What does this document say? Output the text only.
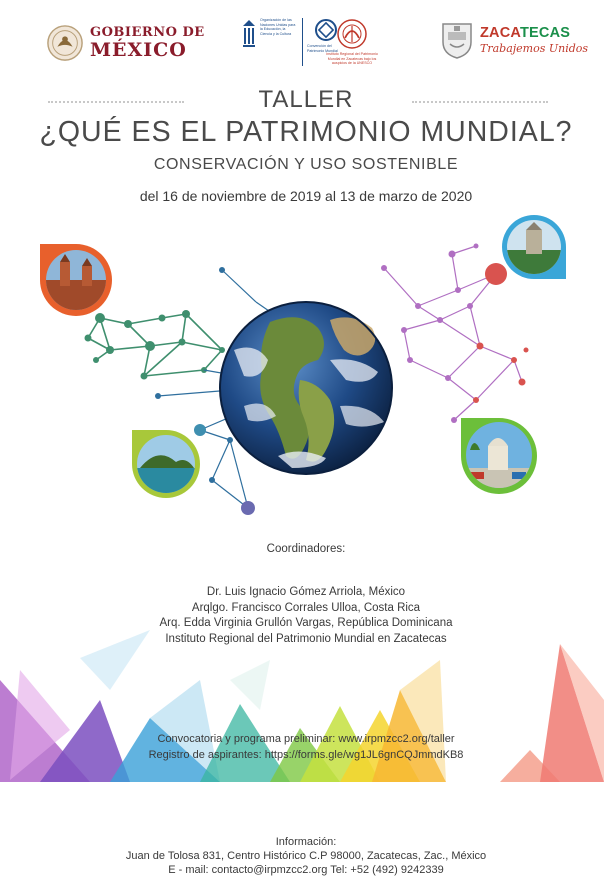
GOBIERNO DE
MÉXICO
Organización de las Naciones Unidas para la Educación, la Ciencia y la Cultura
Convención del Patrimonio Mundial
Instituto Regional del Patrimonio Mundial en Zacatecas bajo los auspicios de la UNESCO
ZACATECAS
Trabajemos Unidos
TALLER
¿QUÉ ES EL PATRIMONIO MUNDIAL?
CONSERVACIÓN Y USO SOSTENIBLE
del 16 de noviembre de 2019 al 13 de marzo de 2020
Coordinadores:
Dr. Luis Ignacio Gómez Arriola, México
Arqlgo. Francisco Corrales Ulloa, Costa Rica
Arq. Edda Virginia Grullón Vargas, República Dominicana
Instituto Regional del Patrimonio Mundial en Zacatecas
Convocatoria y programa preliminar: www.irpmzcc2.org/taller
Registro de aspirantes: https://forms.gle/wg1JL6gnCQJmmdKB8
Información:
Juan de Tolosa 831, Centro Histórico C.P 98000, Zacatecas, Zac., México
E - mail: contacto@irpmzcc2.org Tel: +52 (492) 9242339
